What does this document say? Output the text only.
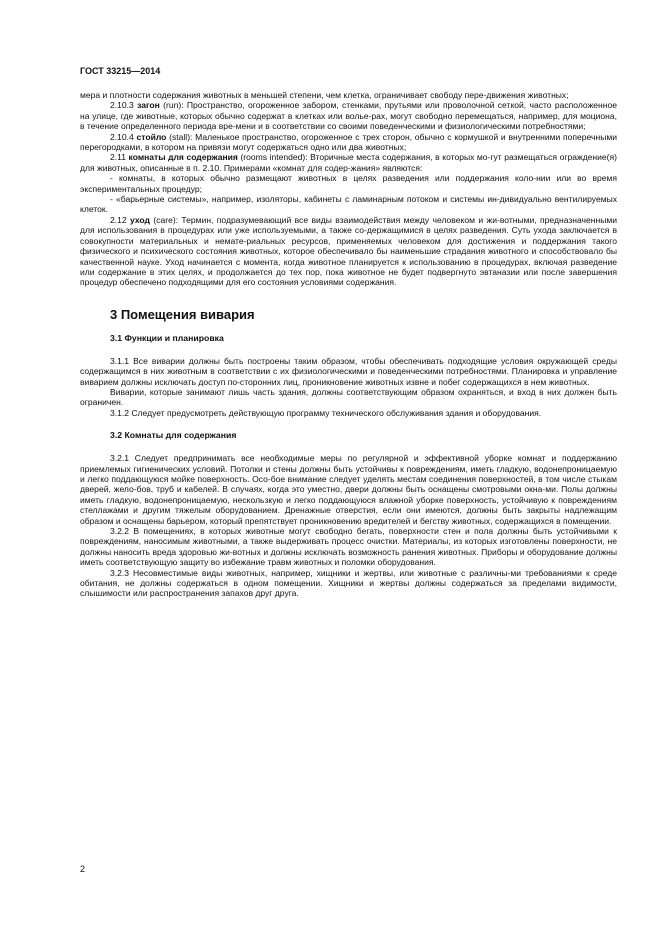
ГОСТ 33215—2014

мера и плотности содержания животных в меньшей степени, чем клетка, ограничивает свободу пере-движения животных;

2.10.3 загон (run): Пространство, огороженное забором, стенками, прутьями или проволочной сеткой, часто расположенное на улице, где животные, которых обычно содержат в клетках или волье-рах, могут свободно перемещаться, например, для моциона, в течение определенного периода вре-мени и в соответствии со своими поведенческими и физиологическими потребностями;

2.10.4 стойло (stall): Маленькое пространство, огороженное с трех сторон, обычно с кормушкой и внутренними поперечными перегородками, в котором на привязи могут содержаться одно или два животных;

2.11 комнаты для содержания (rooms intended): Вторичные места содержания, в которых мо-гут размещаться ограждение(я) для животных, описанные в п. 2.10. Примерами «комнат для содер-жания» являются:

- комнаты, в которых обычно размещают животных в целях разведения или поддержания коло-нии или во время экспериментальных процедур;

- «барьерные системы», например, изоляторы, кабинеты с ламинарным потоком и системы ин-дивидуально вентилируемых клеток.

2.12 уход (care): Термин, подразумевающий все виды взаимодействия между человеком и жи-вотными, предназначенными для использования в процедурах или уже используемыми, а также со-держащимися в целях разведения. Суть ухода заключается в совокупности материальных и немате-риальных ресурсов, применяемых человеком для достижения и поддержания такого физического и психического состояния животных, которое обеспечивало бы наименьшие страдания животного и способствовало бы качественной науке. Уход начинается с момента, когда животное планируется к использованию в процедурах, включая разведение или содержание в этих целях, и продолжается до тех пор, пока животное не будет подвергнуто эвтаназии или после завершения процедур обеспечено подходящими для его состояния условиями содержания.

3 Помещения вивария
3.1 Функции и планировка

3.1.1 Все виварии должны быть построены таким образом, чтобы обеспечивать подходящие условия окружающей среды содержащимся в них животным в соответствии с их физиологическими и поведенческими потребностями. Планировка и управление виварием должны исключать доступ по-сторонних лиц, проникновение животных извне и побег содержащихся в нем животных.

Виварии, которые занимают лишь часть здания, должны соответствующим образом охраняться, и вход в них должен быть ограничен.

3.1.2 Следует предусмотреть действующую программу технического обслуживания здания и оборудования.

3.2 Комнаты для содержания

3.2.1 Следует предпринимать все необходимые меры по регулярной и эффективной уборке комнат и поддержанию приемлемых гигиенических условий. Потолки и стены должны быть устойчивы к повреждениям, иметь гладкую, водонепроницаемую и легко поддающуюся мойке поверхность. Осо-бое внимание следует уделять местам соединения поверхностей, в том числе стыкам дверей, жело-бов, труб и кабелей. В случаях, когда это уместно, двери должны быть оснащены смотровыми окна-ми. Полы должны иметь гладкую, водонепроницаемую, нескользкую и легко поддающуюся влажной уборке поверхность, устойчивую к повреждениям стеллажами и другим тяжелым оборудованием. Дренажные отверстия, если они имеются, должны быть закрыты надлежащим образом и оснащены барьером, который препятствует проникновению вредителей и бегству животных, содержащихся в помещении.

3.2.2 В помещениях, в которых животные могут свободно бегать, поверхности стен и пола должны быть устойчивыми к повреждениям, наносимым животными, а также выдерживать процесс очистки. Материалы, из которых изготовлены поверхности, не должны наносить вреда здоровью жи-вотных и должны исключать возможность ранения животных. Приборы и оборудование должны иметь соответствующую защиту во избежание травм животных и поломки оборудования.

3.2.3 Несовместимые виды животных, например, хищники и жертвы, или животные с различны-ми требованиями к среде обитания, не должны содержаться в одном помещении. Хищники и жертвы должны содержаться за пределами видимости, слышимости или распространения запахов друг друга.

2
